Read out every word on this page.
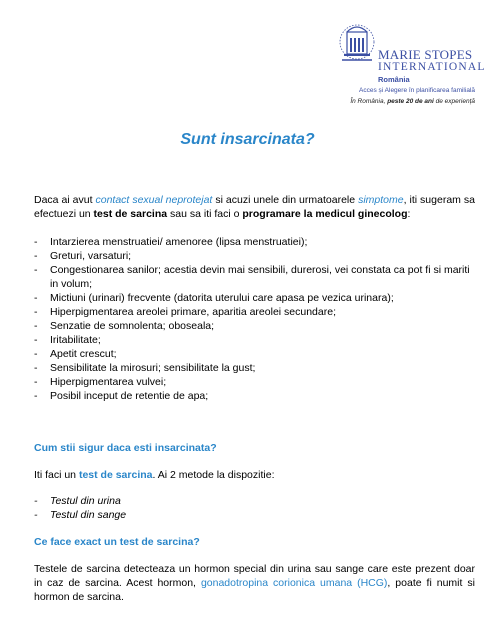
MARIE STOPES
INTERNATIONAL
România
Acces și Alegere în planificarea familială
În România, peste 20 de ani de experiență
Sunt insarcinata?

Daca ai avut contact sexual neprotejat si acuzi unele din urmatoarele simptome, iti sugeram sa efectuezi un test de sarcina sau sa iti faci o programare la medicul ginecolog:

- Intarzierea menstruatiei/ amenoree (lipsa menstruatiei);
- Greturi, varsaturi;
- Congestionarea sanilor; acestia devin mai sensibili, durerosi, vei constata ca pot fi si mariti in volum;
- Mictiuni (urinari) frecvente (datorita uterului care apasa pe vezica urinara);
- Hiperpigmentarea areolei primare, aparitia areolei secundare;
- Senzatie de somnolenta; oboseala;
- Iritabilitate;
- Apetit crescut;
- Sensibilitate la mirosuri; sensibilitate la gust;
- Hiperpigmentarea vulvei;
- Posibil inceput de retentie de apa;

Cum stii sigur daca esti insarcinata?

Iti faci un test de sarcina. Ai 2 metode la dispozitie:

- Testul din urina
- Testul din sange

Ce face exact un test de sarcina?

Testele de sarcina detecteaza un hormon special din urina sau sange care este prezent doar in caz de sarcina. Acest hormon, gonadotropina corionica umana (HCG), poate fi numit si hormon de sarcina.
